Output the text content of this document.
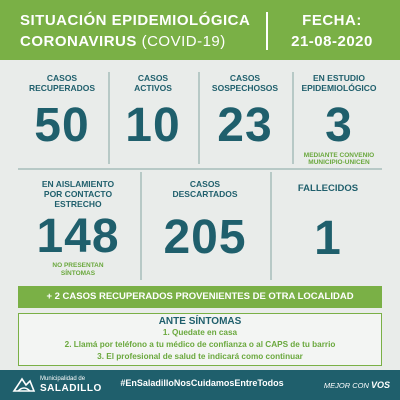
SITUACIÓN EPIDEMIOLÓGICA
CORONAVIRUS (COVID-19)
FECHA:
21-08-2020
CASOS
RECUPERADOS
50
CASOS
ACTIVOS
10
CASOS
SOSPECHOSOS
23
EN ESTUDIO
EPIDEMIOLÓGICO
3
MEDIANTE CONVENIO
MUNICIPIO-UNICEN
EN AISLAMIENTO
POR CONTACTO
ESTRECHO
148
NO PRESENTAN
SÍNTOMAS
CASOS
DESCARTADOS
205
FALLECIDOS
1
+ 2 CASOS RECUPERADOS PROVENIENTES DE OTRA LOCALIDAD
ANTE SÍNTOMAS
1. Quedate en casa
2. Llamá por teléfono a tu médico de confianza o al CAPS de tu barrio
3. El profesional de salud te indicará como continuar
Municipalidad de
SALADILLO	#EnSaladilloNosCuidamosEntreTodos	MEJOR CON VOS
